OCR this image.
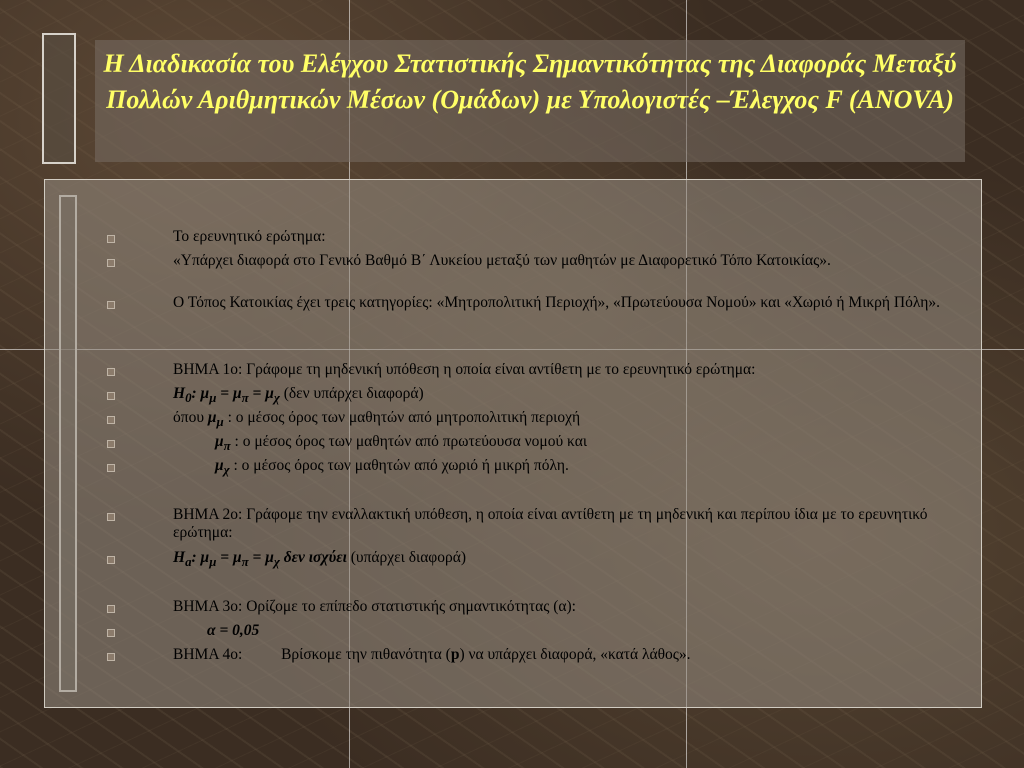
Η Διαδικασία του Ελέγχου Στατιστικής Σημαντικότητας της Διαφοράς Μεταξύ Πολλών Αριθμητικών Μέσων (Ομάδων) με Υπολογιστές –Έλεγχος F (ANOVA)
Το ερευνητικό ερώτημα:
«Υπάρχει διαφορά στο Γενικό Βαθμό Β΄ Λυκείου μεταξύ των μαθητών με Διαφορετικό Τόπο Κατοικίας».
Ο Τόπος Κατοικίας έχει τρεις κατηγορίες: «Μητροπολιτική Περιοχή», «Πρωτεύουσα Νομού» και «Χωριό ή Μικρή Πόλη».
ΒΗΜΑ 1ο: Γράφομε τη μηδενική υπόθεση η οποία είναι αντίθετη με το ερευνητικό ερώτημα:
$H_0$: $\mu_\mu = \mu_\pi = \mu_\chi$ (δεν υπάρχει διαφορά)
όπου $\mu_\mu$ : ο μέσος όρος των μαθητών από μητροπολιτική περιοχή
$\mu_\pi$ : ο μέσος όρος των μαθητών από πρωτεύουσα νομού και
$\mu_\chi$ : ο μέσος όρος των μαθητών από χωριό ή μικρή πόλη.
ΒΗΜΑ 2ο: Γράφομε την εναλλακτική υπόθεση, η οποία είναι αντίθετη με τη μηδενική και περίπου ίδια με το ερευνητικό ερώτημα:
$H_a$: $\mu_\mu = \mu_\pi = \mu_\chi$ δεν ισχύει (υπάρχει διαφορά)
ΒΗΜΑ 3ο: Ορίζομε το επίπεδο στατιστικής σημαντικότητας (α):
α = 0,05
ΒΗΜΑ 4ο:          Βρίσκομε την πιθανότητα (p) να υπάρχει διαφορά, «κατά λάθος».
